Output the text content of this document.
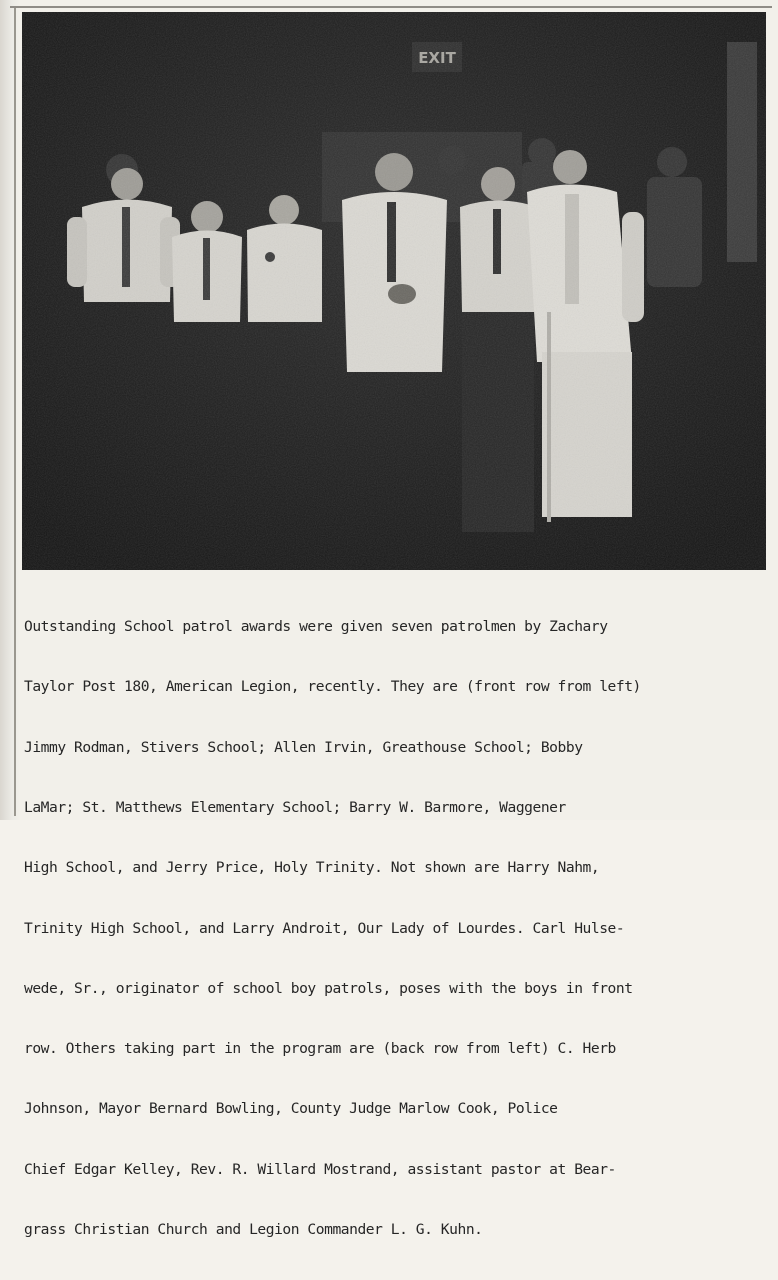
Outstanding School patrol awards were given seven patrolmen by Zachary

Taylor Post 180, American Legion, recently. They are (front row from left)

Jimmy Rodman, Stivers School; Allen Irvin, Greathouse School; Bobby

LaMar; St. Matthews Elementary School; Barry W. Barmore, Waggener

High School, and Jerry Price, Holy Trinity. Not shown are Harry Nahm,

Trinity High School, and Larry Androit, Our Lady of Lourdes. Carl Hulse-

wede, Sr., originator of school boy patrols, poses with the boys in front

row. Others taking part in the program are (back row from left) C. Herb

Johnson, Mayor Bernard Bowling, County Judge Marlow Cook, Police

Chief Edgar Kelley, Rev. R. Willard Mostrand, assistant pastor at Bear-

grass Christian Church and Legion Commander L. G. Kuhn.
